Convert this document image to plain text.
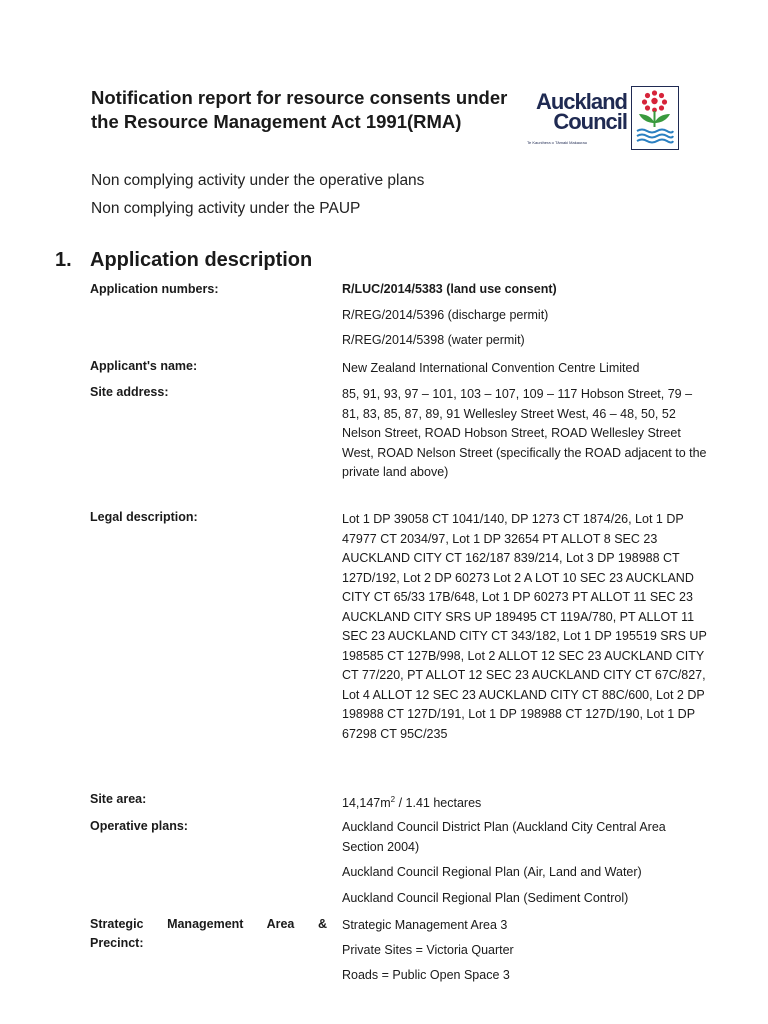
Notification report for resource consents under the Resource Management Act 1991(RMA)
Auckland
Council
Te Kaunihera o Tāmaki Makaurau

Non complying activity under the operative plans

Non complying activity under the PAUP

1. Application description
Application numbers:	R/LUC/2014/5383 (land use consent)
R/REG/2014/5396 (discharge permit)
R/REG/2014/5398 (water permit)
Applicant's name:	New Zealand International Convention Centre Limited
Site address:	85, 91, 93, 97 – 101, 103 – 107, 109 – 117 Hobson Street, 79 – 81, 83, 85, 87, 89, 91 Wellesley Street West, 46 – 48, 50, 52 Nelson Street, ROAD Hobson Street, ROAD Wellesley Street West, ROAD Nelson Street (specifically the ROAD adjacent to the private land above)
Legal description:	Lot 1 DP 39058 CT 1041/140, DP 1273 CT 1874/26, Lot 1 DP 47977 CT 2034/97, Lot 1 DP 32654 PT ALLOT 8 SEC 23 AUCKLAND CITY CT 162/187 839/214, Lot 3 DP 198988 CT 127D/192, Lot 2 DP 60273 Lot 2 A LOT 10 SEC 23 AUCKLAND CITY CT 65/33 17B/648, Lot 1 DP 60273 PT ALLOT 11 SEC 23 AUCKLAND CITY SRS UP 189495 CT 119A/780, PT ALLOT 11 SEC 23 AUCKLAND CITY CT 343/182, Lot 1 DP 195519 SRS UP 198585 CT 127B/998, Lot 2 ALLOT 12 SEC 23 AUCKLAND CITY CT 77/220, PT ALLOT 12 SEC 23 AUCKLAND CITY CT 67C/827, Lot 4 ALLOT 12 SEC 23 AUCKLAND CITY CT 88C/600, Lot 2 DP 198988 CT 127D/191, Lot 1 DP 198988 CT 127D/190, Lot 1 DP 67298 CT 95C/235
Site area:	$14,147m^2 / 1.41$ hectares
Operative plans:	Auckland Council District Plan (Auckland City Central Area Section 2004)
Auckland Council Regional Plan (Air, Land and Water)
Auckland Council Regional Plan (Sediment Control)
Strategic Management Area &
Precinct:
Strategic Management Area 3
Private Sites = Victoria Quarter
Roads = Public Open Space 3
